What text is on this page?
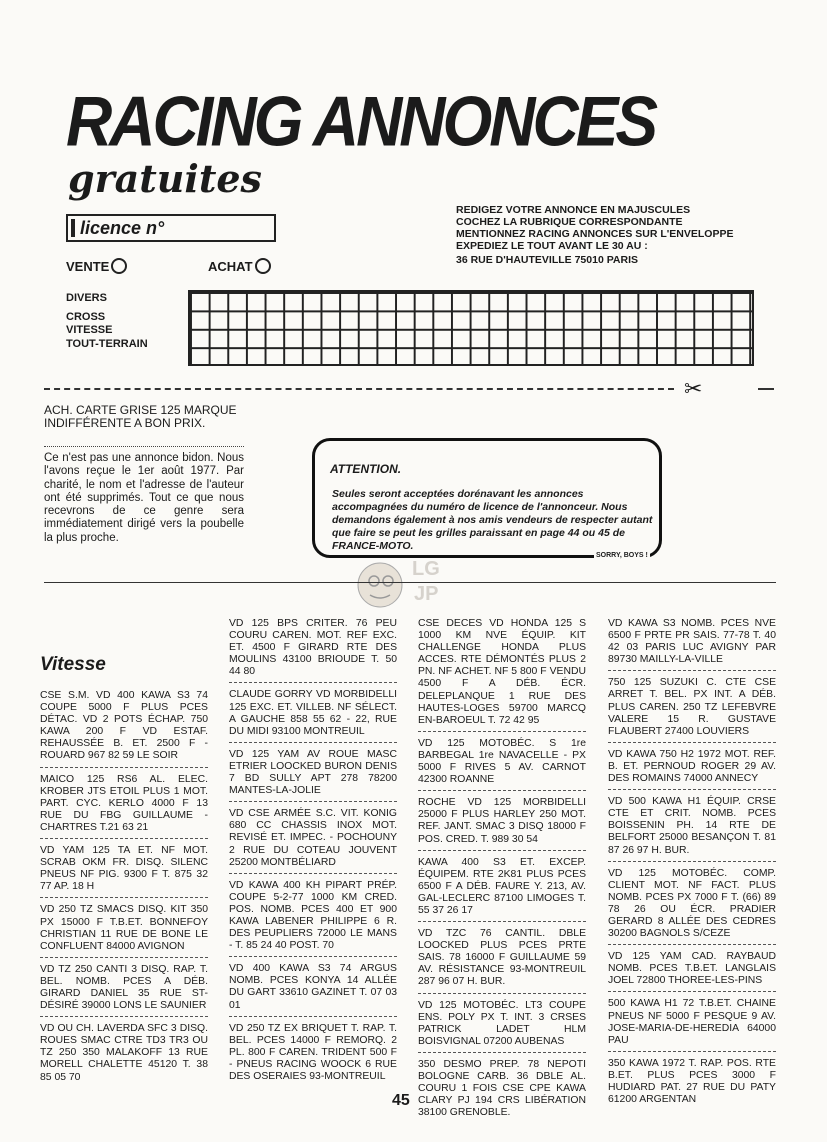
RACING ANNONCES
gratuites
licence n°
VENTE	ACHAT
REDIGEZ VOTRE ANNONCE EN MAJUSCULES
COCHEZ LA RUBRIQUE CORRESPONDANTE
MENTIONNEZ RACING ANNONCES SUR L'ENVELOPPE
EXPEDIEZ LE TOUT AVANT LE 30 AU :
36 RUE D'HAUTEVILLE 75010 PARIS
DIVERS
CROSS
VITESSE
TOUT-TERRAIN
✂
ACH. CARTE GRISE 125 MARQUE INDIFFÉRENTE A BON PRIX.
Ce n'est pas une annonce bidon. Nous l'avons reçue le 1er août 1977. Par charité, le nom et l'adresse de l'auteur ont été supprimés. Tout ce que nous recevrons de ce genre sera immédiatement dirigé vers la poubelle la plus proche.
ATTENTION.
Seules seront acceptées dorénavant les annonces accompagnées du numéro de licence de l'annonceur. Nous demandons également à nos amis vendeurs de respecter autant que faire se peut les grilles paraissant en page 44 ou 45 de FRANCE-MOTO.
SORRY, BOYS !
LG
JP
Vitesse
CSE S.M. VD 400 KAWA S3 74 COUPE 5000 F PLUS PCES DÉTAC. VD 2 POTS ÉCHAP. 750 KAWA 200 F VD ESTAF. REHAUSSÉE B. ET. 2500 F - ROUARD 967 82 59 LE SOIR
MAICO 125 RS6 AL. ELEC. KROBER JTS ETOIL PLUS 1 MOT. PART. CYC. KERLO 4000 F 13 RUE DU FBG GUILLAUME - CHARTRES T.21 63 21
VD YAM 125 TA ET. NF MOT. SCRAB OKM FR. DISQ. SILENC PNEUS NF PIG. 9300 F T. 875 32 77 AP. 18 H
VD 250 TZ SMACS DISQ. KIT 350 PX 15000 F T.B.ET. BONNEFOY CHRISTIAN 11 RUE DE BONE LE CONFLUENT 84000 AVIGNON
VD TZ 250 CANTI 3 DISQ. RAP. T. BEL. NOMB. PCES A DÉB. GIRARD DANIEL 35 RUE ST-DÉSIRÉ 39000 LONS LE SAUNIER
VD OU CH. LAVERDA SFC 3 DISQ. ROUES SMAC CTRE TD3 TR3 OU TZ 250 350 MALAKOFF 13 RUE MORELL CHALETTE 45120 T. 38 85 05 70
VD 125 BPS CRITER. 76 PEU COURU CAREN. MOT. REF EXC. ET. 4500 F GIRARD RTE DES MOULINS 43100 BRIOUDE T. 50 44 80
CLAUDE GORRY VD MORBIDELLI 125 EXC. ET. VILLEB. NF SÉLECT. A GAUCHE 858 55 62 - 22, RUE DU MIDI 93100 MONTREUIL
VD 125 YAM AV ROUE MASC ETRIER LOOCKED BURON DENIS 7 BD SULLY APT 278 78200 MANTES-LA-JOLIE
VD CSE ARMÉE S.C. VIT. KONIG 680 CC CHASSIS INOX MOT. REVISÉ ET. IMPEC. - POCHOUNY 2 RUE DU COTEAU JOUVENT 25200 MONTBÉLIARD
VD KAWA 400 KH PIPART PRÉP. COUPE 5-2-77 1000 KM CRED. POS. NOMB. PCES 400 ET 900 KAWA LABENER PHILIPPE 6 R. DES PEUPLIERS 72000 LE MANS - T. 85 24 40 POST. 70
VD 400 KAWA S3 74 ARGUS NOMB. PCES KONYA 14 ALLÉE DU GART 33610 GAZINET T. 07 03 01
VD 250 TZ EX BRIQUET T. RAP. T. BEL. PCES 14000 F REMORQ. 2 PL. 800 F CAREN. TRIDENT 500 F - PNEUS RACING WOOCK 6 RUE DES OSERAIES 93-MONTREUIL
CSE DECES VD HONDA 125 S 1000 KM NVE ÉQUIP. KIT CHALLENGE HONDA PLUS ACCES. RTE DÉMONTÉS PLUS 2 PN. NF ACHET. NF 5 800 F VENDU 4500 F A DÉB. ÉCR. DELEPLANQUE 1 RUE DES HAUTES-LOGES 59700 MARCQ EN-BAROEUL T. 72 42 95
VD 125 MOTOBÉC. S 1re BARBEGAL 1re NAVACELLE - PX 5000 F RIVES 5 AV. CARNOT 42300 ROANNE
ROCHE VD 125 MORBIDELLI 25000 F PLUS HARLEY 250 MOT. REF. JANT. SMAC 3 DISQ 18000 F POS. CRED. T. 989 30 54
KAWA 400 S3 ET. EXCEP. ÉQUIPEM. RTE 2K81 PLUS PCES 6500 F A DÉB. FAURE Y. 213, AV. GAL-LECLERC 87100 LIMOGES T. 55 37 26 17
VD TZC 76 CANTIL. DBLE LOOCKED PLUS PCES PRTE SAIS. 78 16000 F GUILLAUME 59 AV. RÉSISTANCE 93-MONTREUIL 287 96 07 H. BUR.
VD 125 MOTOBÉC. LT3 COUPE ENS. POLY PX T. INT. 3 CRSES PATRICK LADET HLM BOISVIGNAL 07200 AUBENAS
350 DESMO PREP. 78 NEPOTI BOLOGNE CARB. 36 DBLE AL. COURU 1 FOIS CSE CPE KAWA CLARY PJ 194 CRS LIBÉRATION 38100 GRENOBLE.
VD KAWA S3 NOMB. PCES NVE 6500 F PRTE PR SAIS. 77-78 T. 40 42 03 PARIS LUC AVIGNY PAR 89730 MAILLY-LA-VILLE
750 125 SUZUKI C. CTE CSE ARRET T. BEL. PX INT. A DÉB. PLUS CAREN. 250 TZ LEFEBVRE VALERE 15 R. GUSTAVE FLAUBERT 27400 LOUVIERS
VD KAWA 750 H2 1972 MOT. REF. B. ET. PERNOUD ROGER 29 AV. DES ROMAINS 74000 ANNECY
VD 500 KAWA H1 ÉQUIP. CRSE CTE ET CRIT. NOMB. PCES BOISSENIN PH. 14 RTE DE BELFORT 25000 BESANÇON T. 81 87 26 97 H. BUR.
VD 125 MOTOBÉC. COMP. CLIENT MOT. NF FACT. PLUS NOMB. PCES PX 7000 F T. (66) 89 78 26 OU ÉCR. PRADIER GERARD 8 ALLÉE DES CEDRES 30200 BAGNOLS S/CEZE
VD 125 YAM CAD. RAYBAUD NOMB. PCES T.B.ET. LANGLAIS JOEL 72800 THOREE-LES-PINS
500 KAWA H1 72 T.B.ET. CHAINE PNEUS NF 5000 F PESQUE 9 AV. JOSE-MARIA-DE-HEREDIA 64000 PAU
350 KAWA 1972 T. RAP. POS. RTE B.ET. PLUS PCES 3000 F HUDIARD PAT. 27 RUE DU PATY 61200 ARGENTAN
45
